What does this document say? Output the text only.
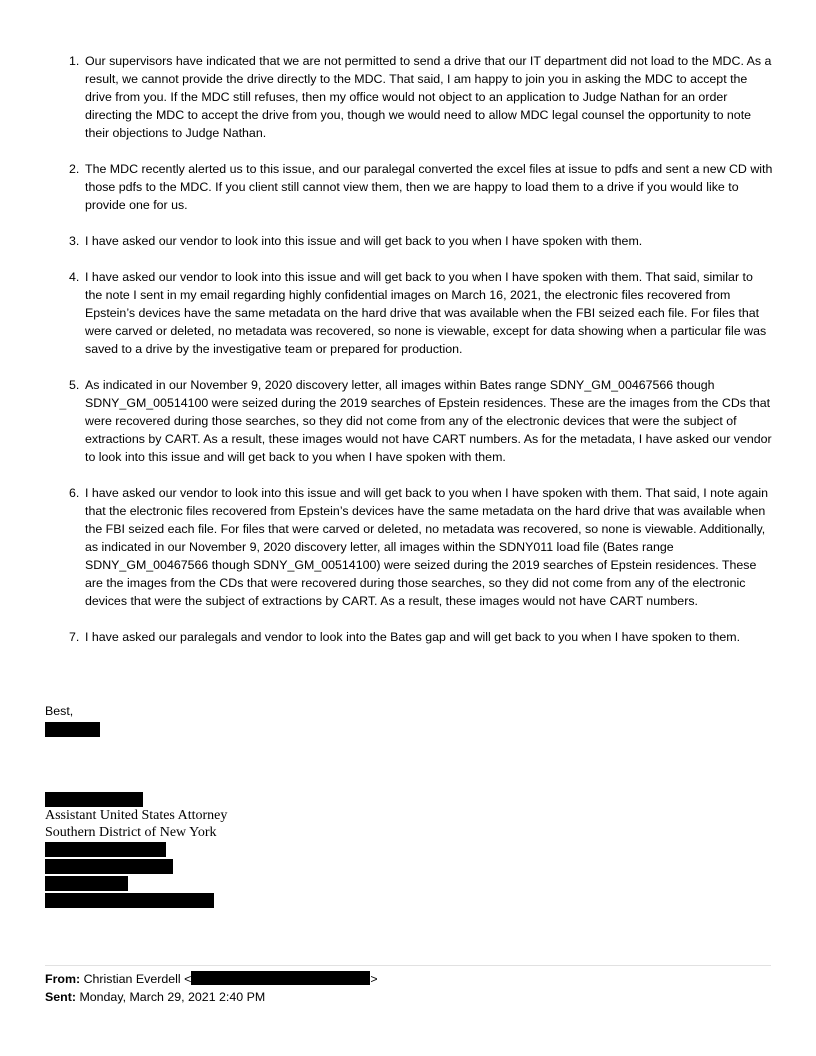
1. Our supervisors have indicated that we are not permitted to send a drive that our IT department did not load to the MDC. As a result, we cannot provide the drive directly to the MDC. That said, I am happy to join you in asking the MDC to accept the drive from you. If the MDC still refuses, then my office would not object to an application to Judge Nathan for an order directing the MDC to accept the drive from you, though we would need to allow MDC legal counsel the opportunity to note their objections to Judge Nathan.
2. The MDC recently alerted us to this issue, and our paralegal converted the excel files at issue to pdfs and sent a new CD with those pdfs to the MDC. If you client still cannot view them, then we are happy to load them to a drive if you would like to provide one for us.
3. I have asked our vendor to look into this issue and will get back to you when I have spoken with them.
4. I have asked our vendor to look into this issue and will get back to you when I have spoken with them. That said, similar to the note I sent in my email regarding highly confidential images on March 16, 2021, the electronic files recovered from Epstein’s devices have the same metadata on the hard drive that was available when the FBI seized each file. For files that were carved or deleted, no metadata was recovered, so none is viewable, except for data showing when a particular file was saved to a drive by the investigative team or prepared for production.
5. As indicated in our November 9, 2020 discovery letter, all images within Bates range SDNY_GM_00467566 though SDNY_GM_00514100 were seized during the 2019 searches of Epstein residences. These are the images from the CDs that were recovered during those searches, so they did not come from any of the electronic devices that were the subject of extractions by CART. As a result, these images would not have CART numbers. As for the metadata, I have asked our vendor to look into this issue and will get back to you when I have spoken with them.
6. I have asked our vendor to look into this issue and will get back to you when I have spoken with them. That said, I note again that the electronic files recovered from Epstein’s devices have the same metadata on the hard drive that was available when the FBI seized each file. For files that were carved or deleted, no metadata was recovered, so none is viewable. Additionally, as indicated in our November 9, 2020 discovery letter, all images within the SDNY011 load file (Bates range SDNY_GM_00467566 though SDNY_GM_00514100) were seized during the 2019 searches of Epstein residences. These are the images from the CDs that were recovered during those searches, so they did not come from any of the electronic devices that were the subject of extractions by CART. As a result, these images would not have CART numbers.
7. I have asked our paralegals and vendor to look into the Bates gap and will get back to you when I have spoken to them.
Best,
Assistant United States Attorney
Southern District of New York
From: Christian Everdell <	>
Sent: Monday, March 29, 2021 2:40 PM
